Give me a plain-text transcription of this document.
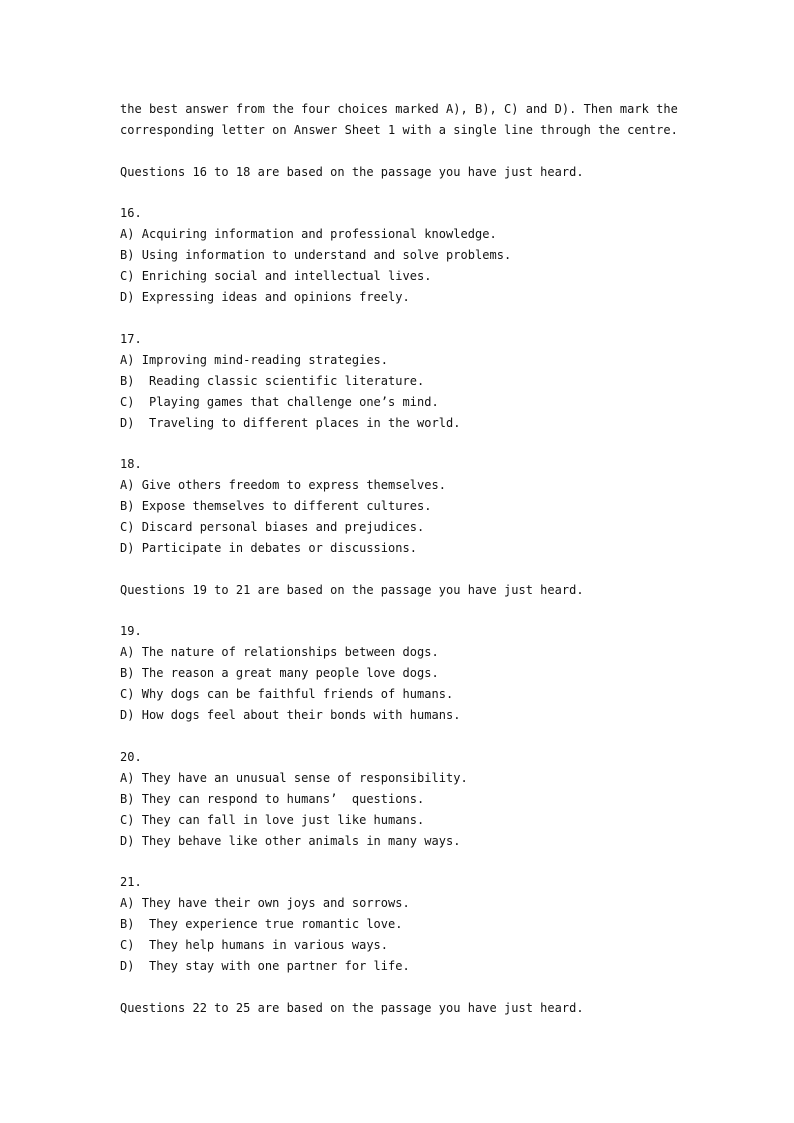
the best answer from the four choices marked A), B), C) and D). Then mark the
corresponding letter on Answer Sheet 1 with a single line through the centre.
Questions 16 to 18 are based on the passage you have just heard.
16.
A) Acquiring information and professional knowledge.
B) Using information to understand and solve problems.
C) Enriching social and intellectual lives.
D) Expressing ideas and opinions freely.
17.
A) Improving mind-reading strategies.
B)  Reading classic scientific literature.
C)  Playing games that challenge one’s mind.
D)  Traveling to different places in the world.
18.
A) Give others freedom to express themselves.
B) Expose themselves to different cultures.
C) Discard personal biases and prejudices.
D) Participate in debates or discussions.
Questions 19 to 21 are based on the passage you have just heard.
19.
A) The nature of relationships between dogs.
B) The reason a great many people love dogs.
C) Why dogs can be faithful friends of humans.
D) How dogs feel about their bonds with humans.
20.
A) They have an unusual sense of responsibility.
B) They can respond to humans’  questions.
C) They can fall in love just like humans.
D) They behave like other animals in many ways.
21.
A) They have their own joys and sorrows.
B)  They experience true romantic love.
C)  They help humans in various ways.
D)  They stay with one partner for life.
Questions 22 to 25 are based on the passage you have just heard.
